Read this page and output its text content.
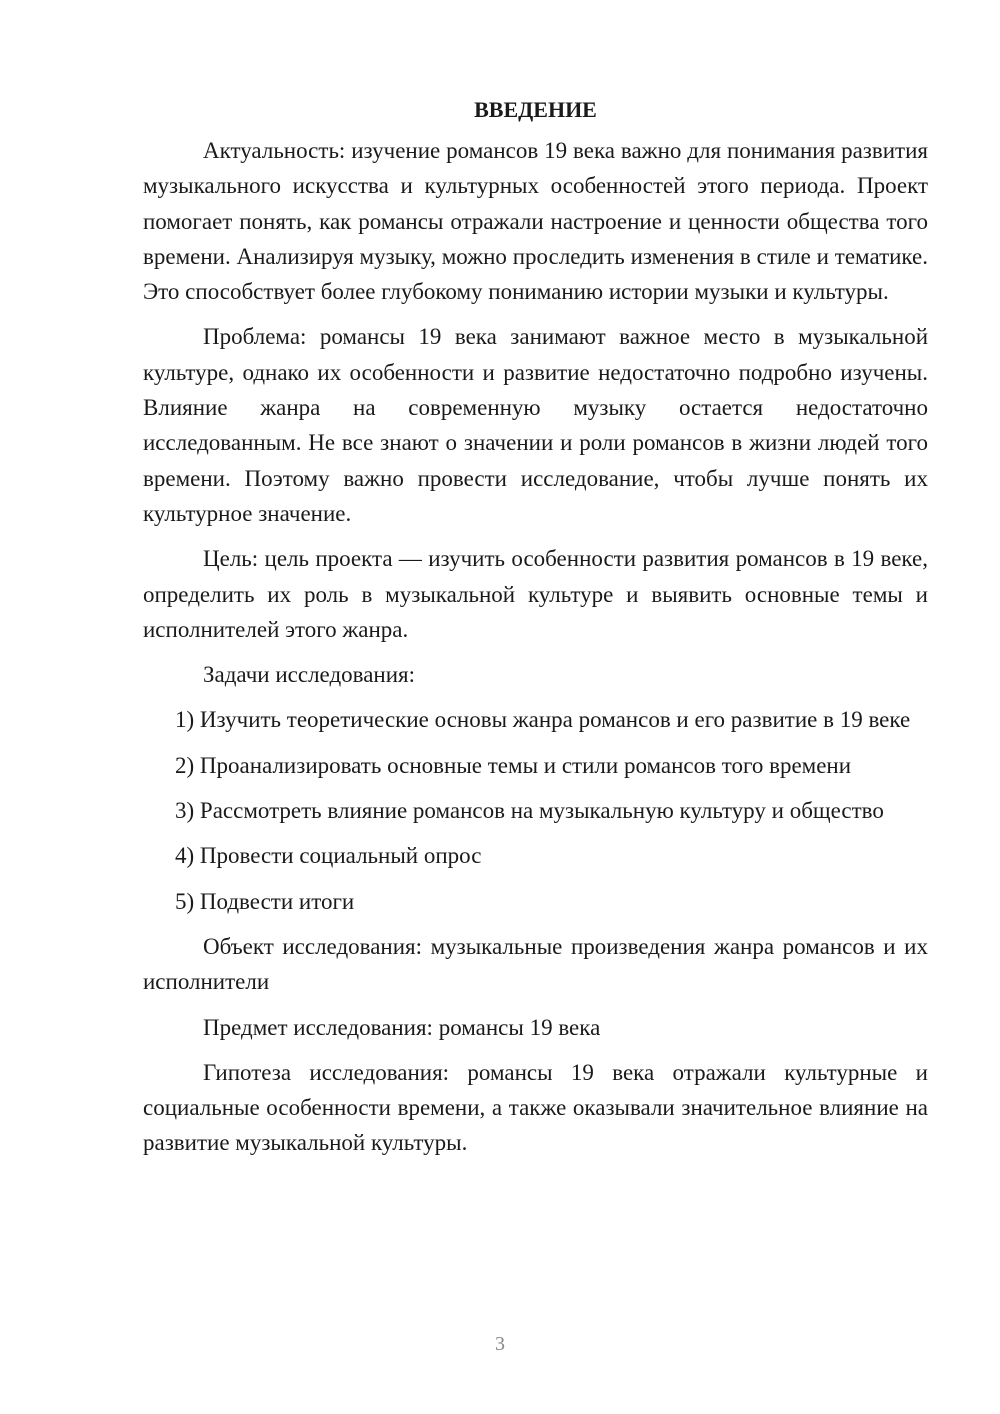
ВВЕДЕНИЕ

Актуальность: изучение романсов 19 века важно для понимания развития музыкального искусства и культурных особенностей этого периода. Проект помогает понять, как романсы отражали настроение и ценности общества того времени. Анализируя музыку, можно проследить изменения в стиле и тематике. Это способствует более глубокому пониманию истории музыки и культуры.

Проблема: романсы 19 века занимают важное место в музыкальной культуре, однако их особенности и развитие недостаточно подробно изучены. Влияние жанра на современную музыку остается недостаточно исследованным. Не все знают о значении и роли романсов в жизни людей того времени. Поэтому важно провести исследование, чтобы лучше понять их культурное значение.

Цель: цель проекта — изучить особенности развития романсов в 19 веке, определить их роль в музыкальной культуре и выявить основные темы и исполнителей этого жанра.

Задачи исследования:

1) Изучить теоретические основы жанра романсов и его развитие в 19 веке

2) Проанализировать основные темы и стили романсов того времени

3) Рассмотреть влияние романсов на музыкальную культуру и общество

4) Провести социальный опрос

5) Подвести итоги

Объект исследования: музыкальные произведения жанра романсов и их исполнители

Предмет исследования: романсы 19 века

Гипотеза исследования: романсы 19 века отражали культурные и социальные особенности времени, а также оказывали значительное влияние на развитие музыкальной культуры.

3
